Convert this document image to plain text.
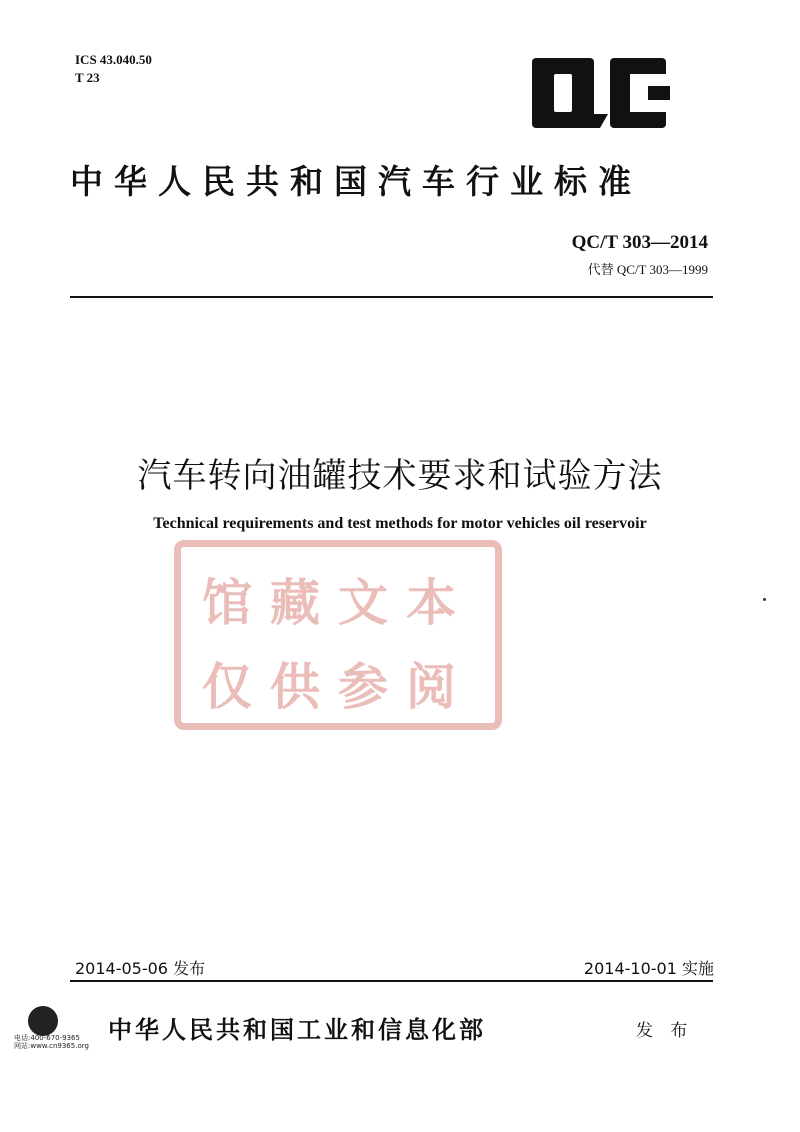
ICS 43.040.50
T 23
中华人民共和国汽车行业标准
QC/T 303—2014
代替 QC/T 303—1999
汽车转向油罐技术要求和试验方法
Technical requirements and test methods for motor vehicles oil reservoir
馆藏文本
仅供参阅
2014-05-06 发布	2014-10-01 实施
电话:400-670-9365
网站:www.cn9365.org
中华人民共和国工业和信息化部	发 布
